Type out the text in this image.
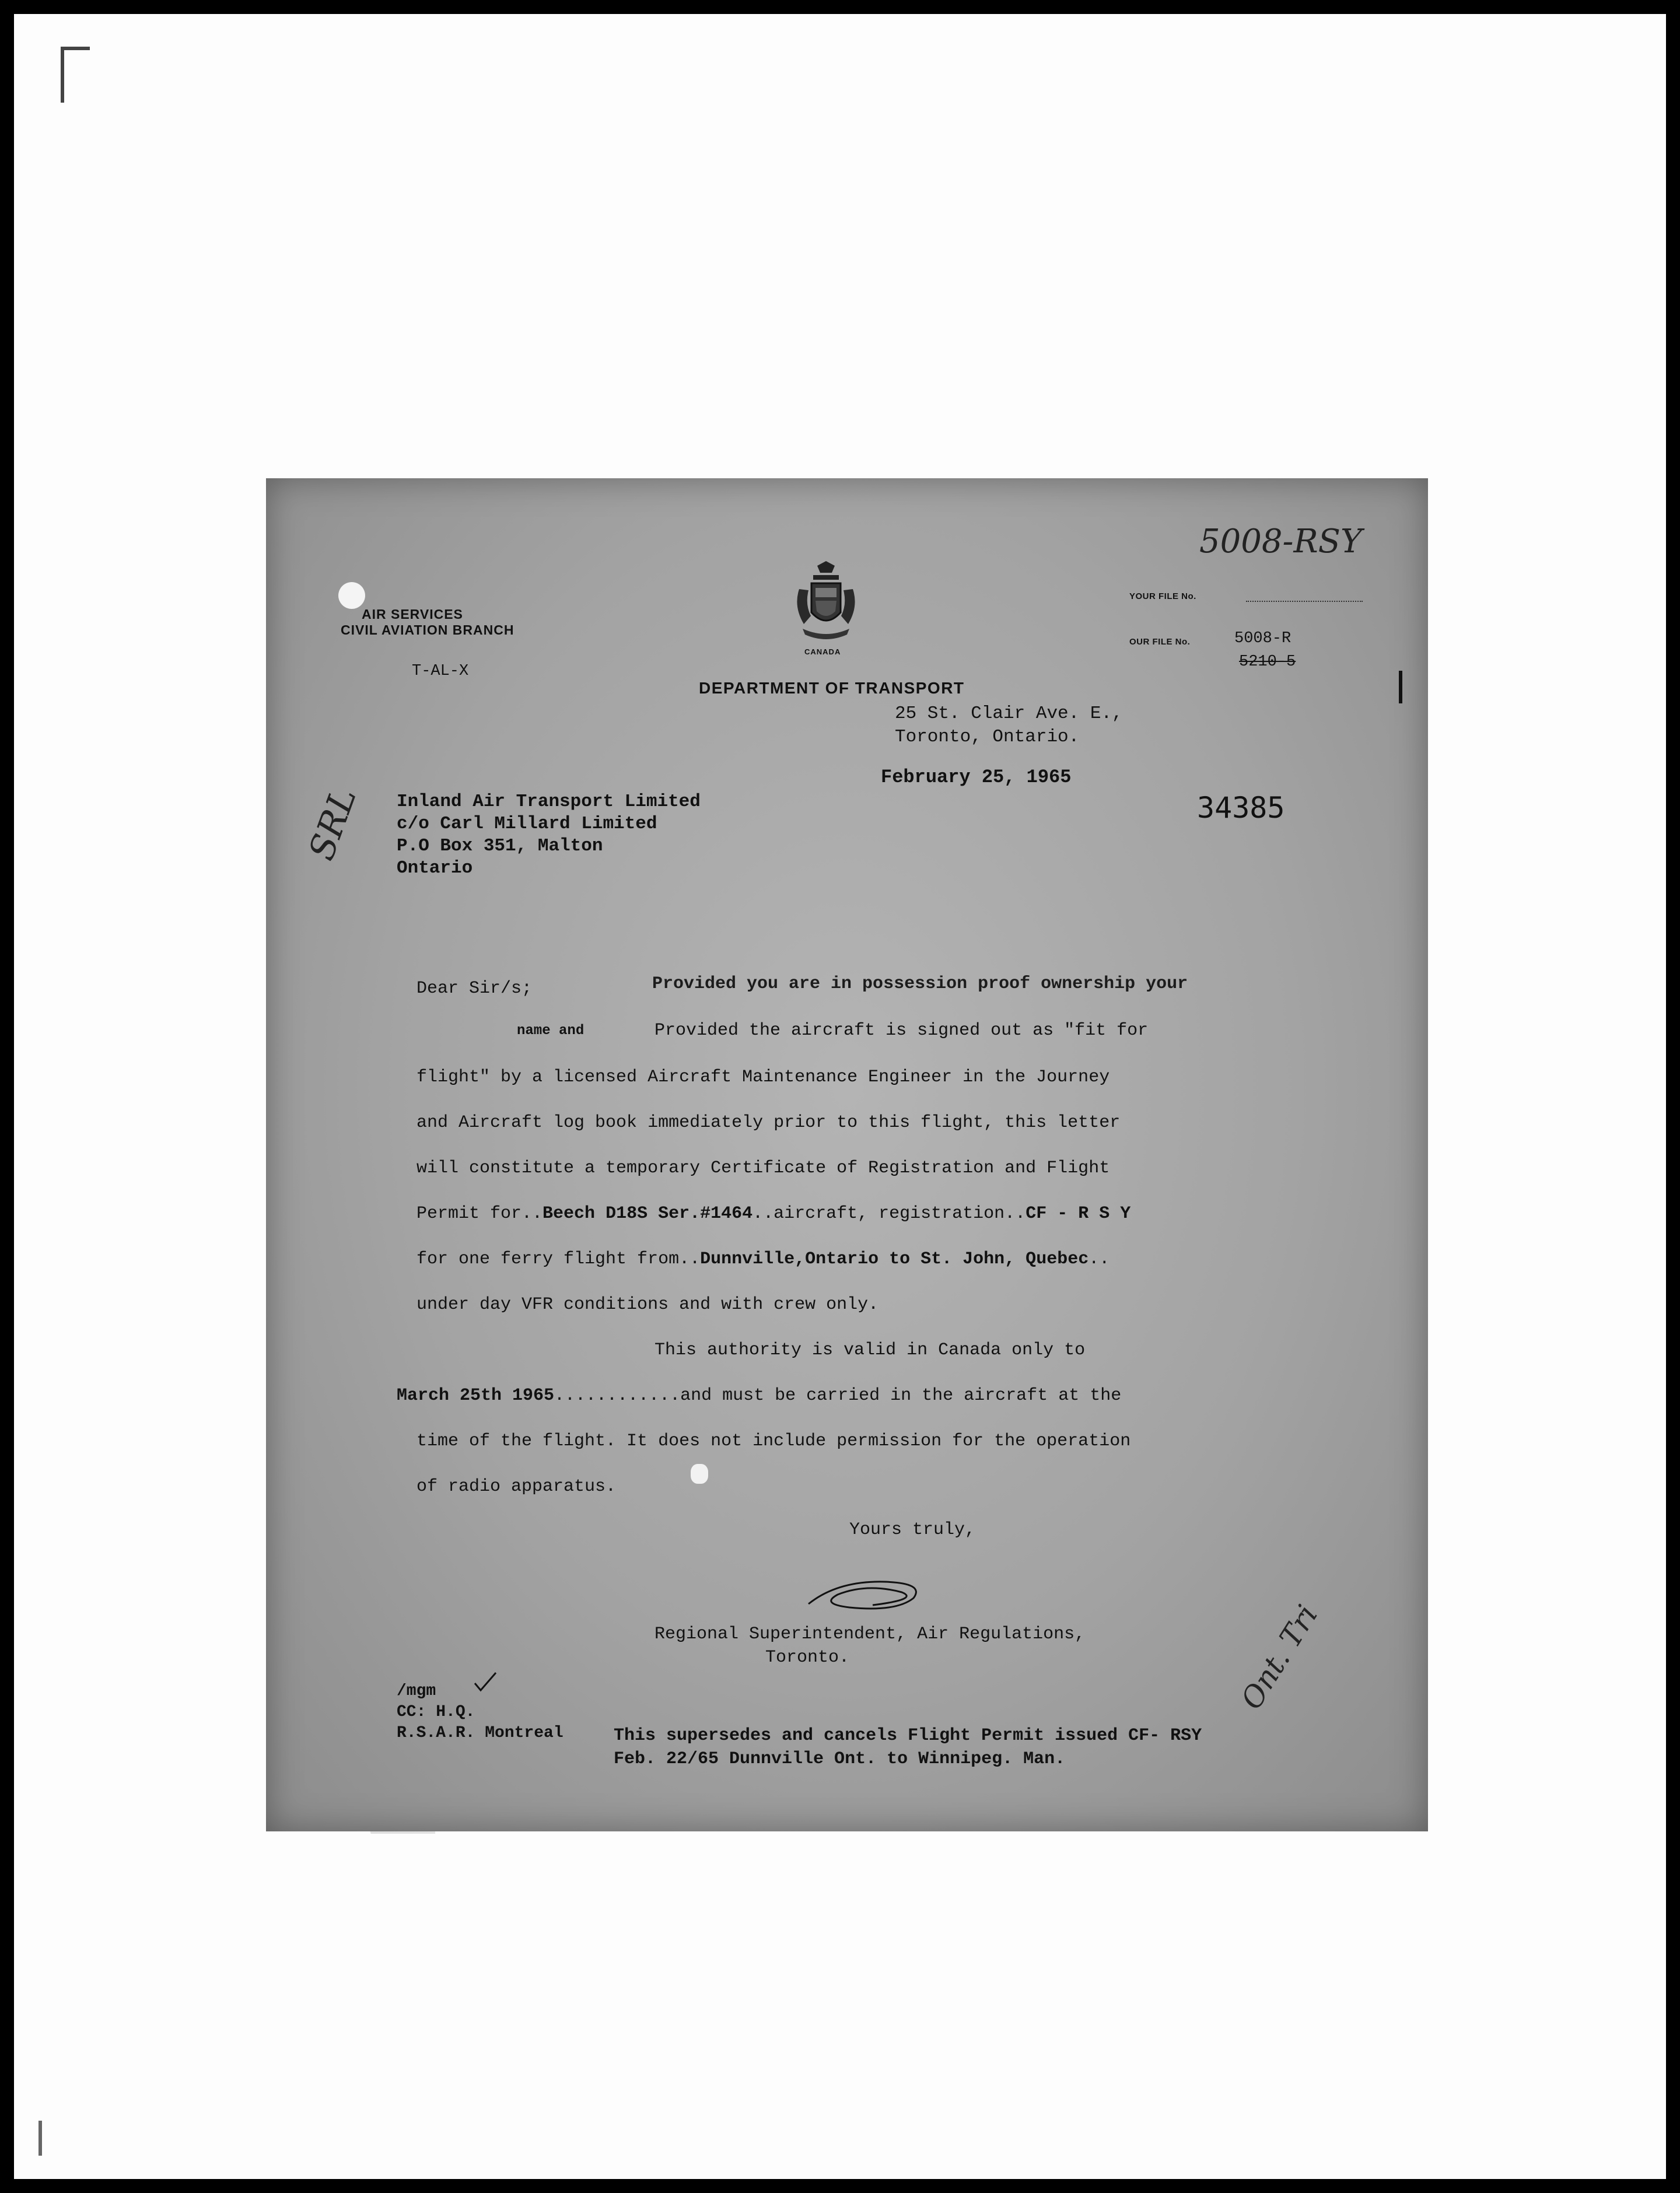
AIR SERVICES
CIVIL AVIATION BRANCH
T-AL-X
CANADA
DEPARTMENT OF TRANSPORT
25 St. Clair Ave. E.,
Toronto, Ontario.
February 25, 1965
YOUR FILE No.
OUR FILE No.	5008-R
5210-5
5008-RSY
34385
SRL Inland Air Transport Limited
c/o Carl Millard Limited
P.O Box 351, Malton
Ontario
Dear Sir/s;	Provided you are in possession proof ownership your
name and	Provided the aircraft is signed out as "fit for
flight" by a licensed Aircraft Maintenance Engineer in the Journey
and Aircraft log book immediately prior to this flight, this letter
will constitute a temporary Certificate of Registration and Flight
Permit for..Beech D18S Ser.#1464..aircraft, registration..CF - R S Y
for one ferry flight from..Dunnville,Ontario to St. John, Quebec..
under day VFR conditions and with crew only.
This authority is valid in Canada only to
March 25th 1965............and must be carried in the aircraft at the
time of the flight. It does not include permission for the operation
of radio apparatus.
Yours truly,
Regional Superintendent, Air Regulations,
Toronto.
/mgm
CC: H.Q.
R.S.A.R. Montreal	This supersedes and cancels Flight Permit issued CF- RSY
Feb. 22/65 Dunnville Ont. to Winnipeg. Man.
Ont. Tri
